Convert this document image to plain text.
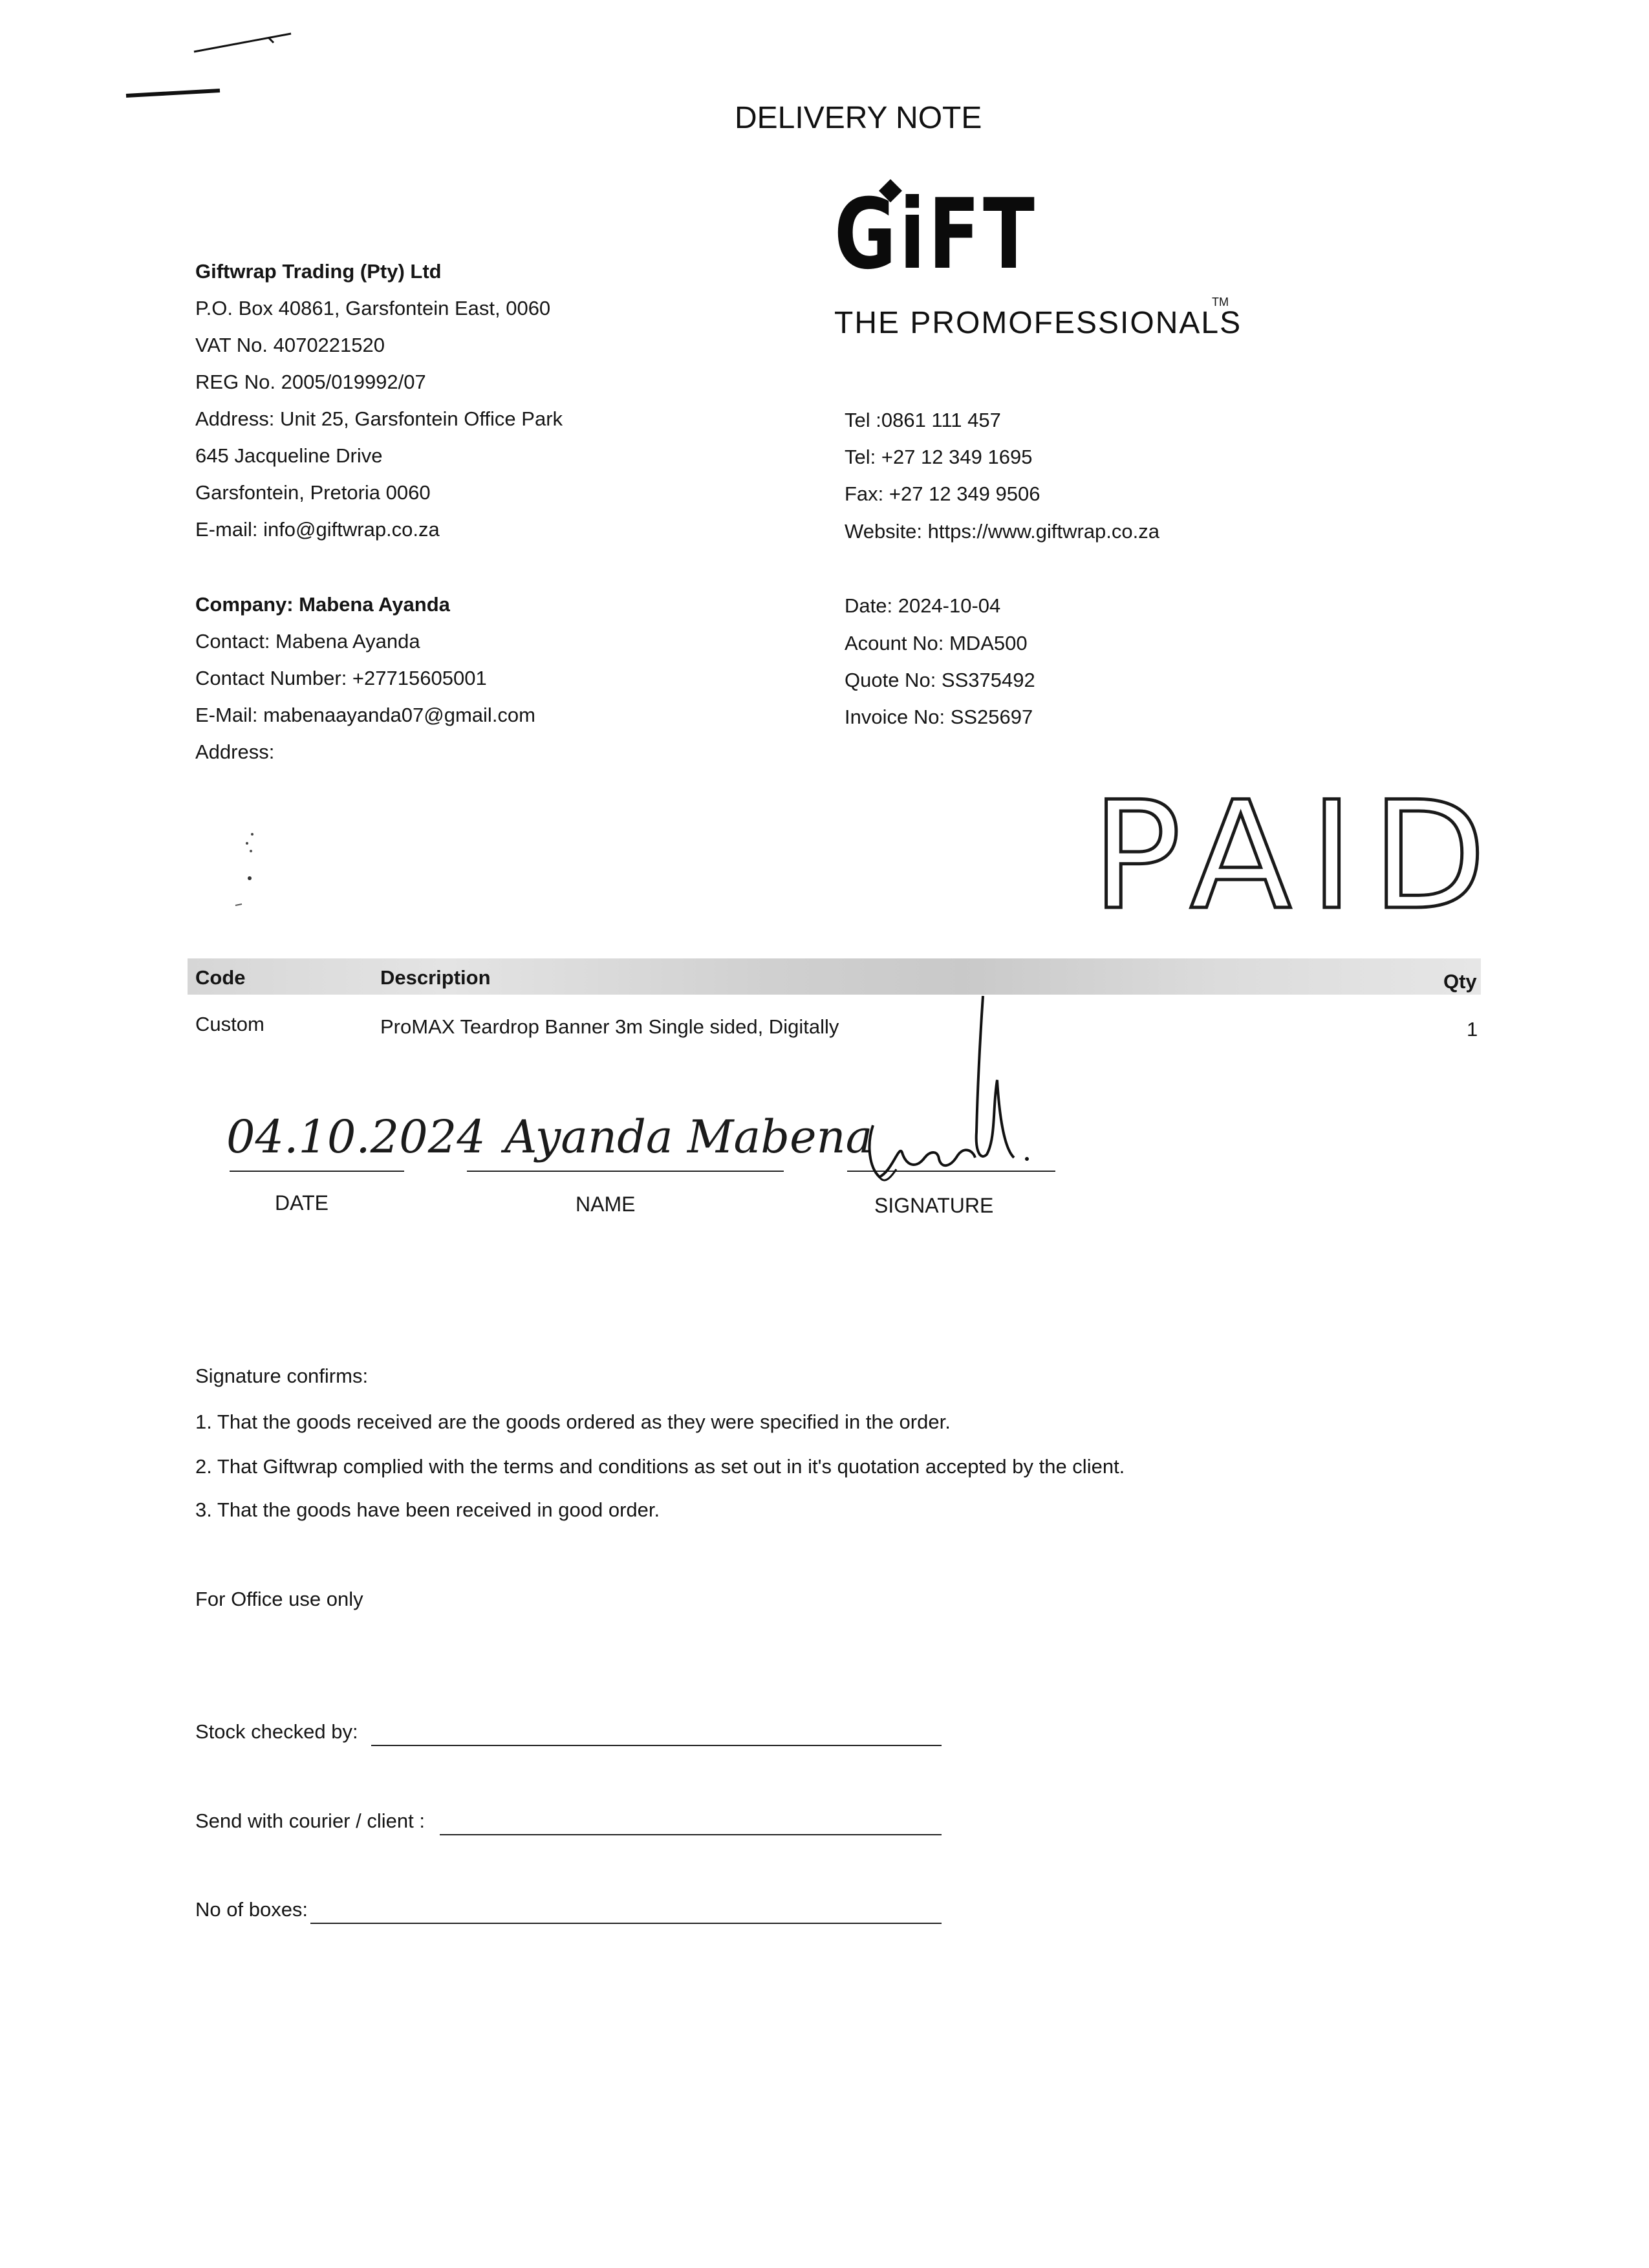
DELIVERY NOTE
GiFT
THE PROMOFESSIONALS
TM
Giftwrap Trading (Pty) Ltd
P.O. Box 40861, Garsfontein East, 0060
VAT No. 4070221520
REG No. 2005/019992/07
Address: Unit 25, Garsfontein Office Park
645 Jacqueline Drive
Garsfontein, Pretoria 0060
E-mail: info@giftwrap.co.za
Tel :0861 111 457
Tel: +27 12 349 1695
Fax: +27 12 349 9506
Website: https://www.giftwrap.co.za
Company: Mabena Ayanda
Contact: Mabena Ayanda
Contact Number: +27715605001
E-Mail: mabenaayanda07@gmail.com
Address:
Date: 2024-10-04
Acount No: MDA500
Quote No: SS375492
Invoice No: SS25697
PAID
Code	Description	Qty
Custom	ProMAX Teardrop Banner 3m Single sided, Digitally	1
04.10.2024 Ayanda Mabena
DATE	NAME	SIGNATURE
Signature confirms:
1. That the goods received are the goods ordered as they were specified in the order.
2. That Giftwrap complied with the terms and conditions as set out in it's quotation accepted by the client.
3. That the goods have been received in good order.
For Office use only
Stock checked by:
Send with courier / client :
No of boxes:
